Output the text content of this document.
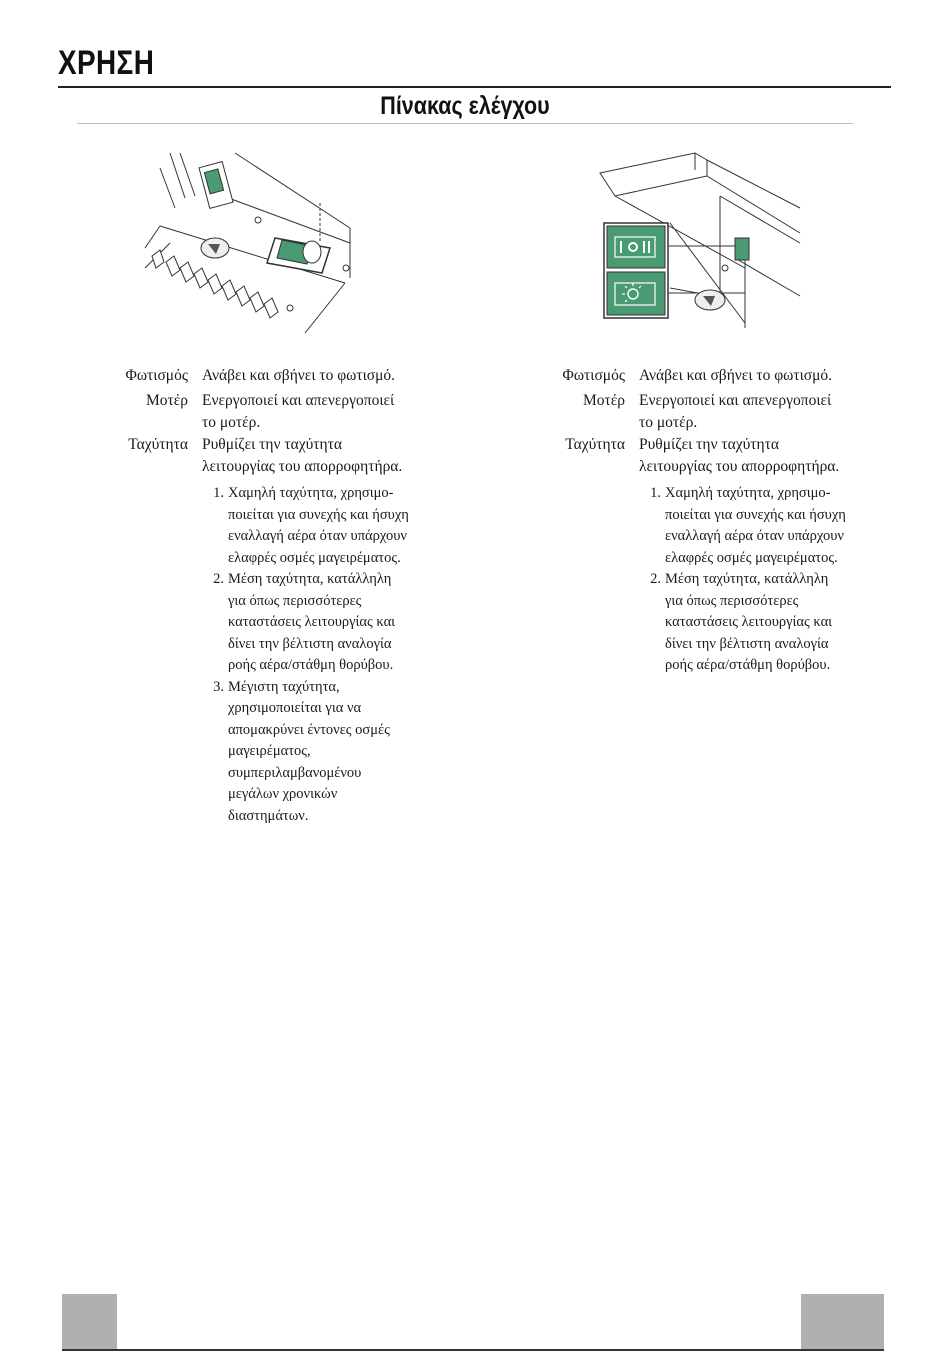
ΧΡΗΣΗ
Πίνακας ελέγχου
Φωτισμός Ανάβει και σβήνει το φωτισμό.
Μοτέρ Ενεργοποιεί και απενεργοποιεί
το μοτέρ.
Ταχύτητα Ρυθμίζει την ταχύτητα
λειτουργίας του απορροφητήρα.
1. Χαμηλή ταχύτητα, χρησιμο-
ποιείται για συνεχής και ήσυχη
εναλλαγή αέρα όταν υπάρχουν
ελαφρές οσμές μαγειρέματος.
2. Μέση ταχύτητα, κατάλληλη
για όπως περισσότερες
καταστάσεις λειτουργίας και
δίνει την βέλτιστη αναλογία
ροής αέρα/στάθμη θορύβου.
3. Μέγιστη ταχύτητα,
χρησιμοποιείται για να
απομακρύνει έντονες οσμές
μαγειρέματος,
συμπεριλαμβανομένου
μεγάλων χρονικών
διαστημάτων.
Φωτισμός Ανάβει και σβήνει το φωτισμό.
Μοτέρ Ενεργοποιεί και απενεργοποιεί
το μοτέρ.
Ταχύτητα Ρυθμίζει την ταχύτητα
λειτουργίας του απορροφητήρα.
1. Χαμηλή ταχύτητα, χρησιμο-
ποιείται για συνεχής και ήσυχη
εναλλαγή αέρα όταν υπάρχουν
ελαφρές οσμές μαγειρέματος.
2. Μέση ταχύτητα, κατάλληλη
για όπως περισσότερες
καταστάσεις λειτουργίας και
δίνει την βέλτιστη αναλογία
ροής αέρα/στάθμη θορύβου.
